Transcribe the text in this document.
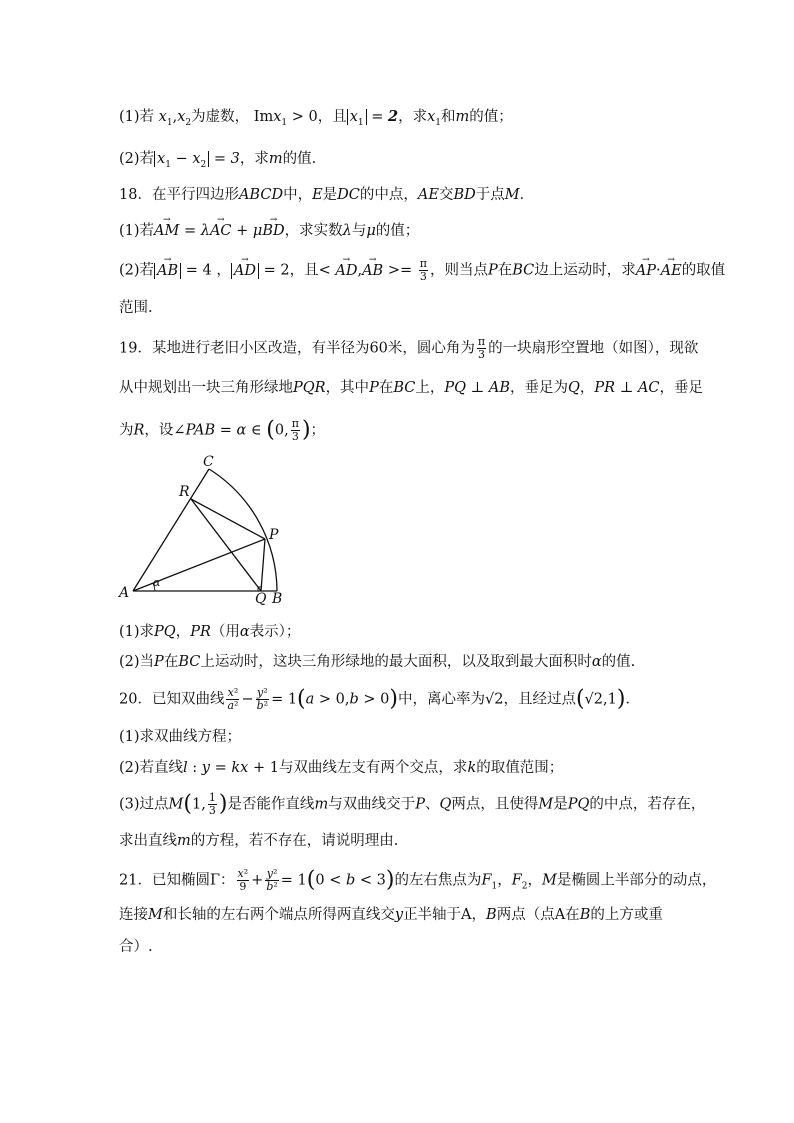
(1)若 $x_1,x_2$为虚数， Imx$_1$ > 0，且 $x_1 = 2$，求$x_1$和m的值；
(2)若 $x_1 - x_2 = 3$，求m的值.
18．在平行四边形ABCD中，E是DC的中点，AE交BD于点M．
(1)若→ AM = λ→ AC + μ→ BD，求实数λ与μ的值；
(2)若 → AB = 4 ， → AD = 2，且< → AD,→ AB >= $\frac{\pi}{3}$ ，则当点P在BC边上运动时，求→ AP·→ AE的取值
范围.
19．某地进行老旧小区改造，有半径为60米，圆心角为 $\frac{\pi}{3}$ 的一块扇形空置地（如图），现欲
从中规划出一块三角形绿地PQR，其中P在BC上，PQ ⊥ AB，垂足为Q，PR ⊥ AC，垂足
为R，设∠PAB = α ∈ (0, $\frac{\pi}{3}$ )；
A	B
C
P
Q
R
α
(1)求PQ，PR（用α表示）；
(2)当P在BC上运动时，这块三角形绿地的最大面积，以及取到最大面积时α的值.
20．已知双曲线 $\frac{\text{x²}}{\text{a²}} - \frac{\text{y²}}{\text{b²}} = 1(a > 0,b > 0)$中，离心率为√2，且经过点(√2,1)．
(1)求双曲线方程；
(2)若直线l : y = kx + 1与双曲线左支有两个交点，求k的取值范围；
(3)过点M(1, $\frac{1}{3}$ )是否能作直线m与双曲线交于P、Q两点，且使得M是PQ的中点，若存在，
求出直线m的方程，若不存在，请说明理由.
21．已知椭圆Γ： $\frac{\text{x²}}{9} + \frac{\text{y²}}{\text{b²}} = 1(0 < b < 3)$的左右焦点为$F_1$，$F_2$，M是椭圆上半部分的动点，
连接M和长轴的左右两个端点所得两直线交y正半轴于A，B两点（点A在B的上方或重
合）.
